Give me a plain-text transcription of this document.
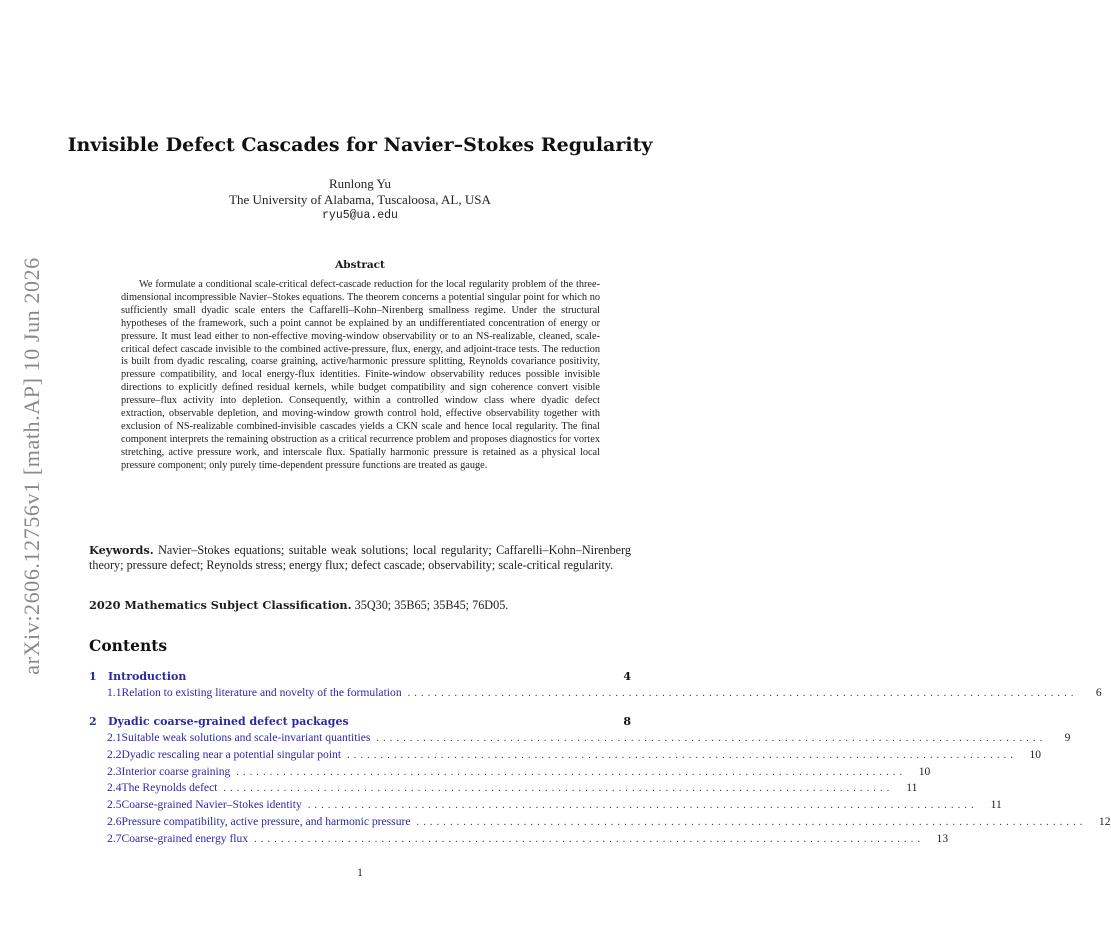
arXiv:2606.12756v1 [math.AP] 10 Jun 2026
Invisible Defect Cascades for Navier–Stokes Regularity
Runlong Yu
The University of Alabama, Tuscaloosa, AL, USA
ryu5@ua.edu
Abstract

We formulate a conditional scale-critical defect-cascade reduction for the local regularity problem of the three-dimensional incompressible Navier–Stokes equations. The theorem concerns a potential singular point for which no sufficiently small dyadic scale enters the Caffarelli–Kohn–Nirenberg smallness regime. Under the structural hypotheses of the framework, such a point cannot be explained by an undifferentiated concentration of energy or pressure. It must lead either to non-effective moving-window observability or to an NS-realizable, cleaned, scale-critical defect cascade invisible to the combined active-pressure, flux, energy, and adjoint-trace tests. The reduction is built from dyadic rescaling, coarse graining, active/harmonic pressure splitting, Reynolds covariance positivity, pressure compatibility, and local energy-flux identities. Finite-window observability reduces possible invisible directions to explicitly defined residual kernels, while budget compatibility and sign coherence convert visible pressure–flux activity into depletion. Consequently, within a controlled window class where dyadic defect extraction, observable depletion, and moving-window growth control hold, effective observability together with exclusion of NS-realizable combined-invisible cascades yields a CKN scale and hence local regularity. The final component interprets the remaining obstruction as a critical recurrence problem and proposes diagnostics for vortex stretching, active pressure work, and interscale flux. Spatially harmonic pressure is retained as a physical local pressure component; only purely time-dependent pressure functions are treated as gauge.

Keywords. Navier–Stokes equations; suitable weak solutions; local regularity; Caffarelli–Kohn–Nirenberg theory; pressure defect; Reynolds stress; energy flux; defect cascade; observability; scale-critical regularity.

2020 Mathematics Subject Classification. 35Q30; 35B65; 35B45; 76D05.

Contents
1	Introduction	4
1.1 Relation to existing literature and novelty of the formulation ....................................................................................................	6
2	Dyadic coarse-grained defect packages	8
2.1 Suitable weak solutions and scale-invariant quantities ....................................................................................................	9
2.2 Dyadic rescaling near a potential singular point ....................................................................................................	10
2.3 Interior coarse graining ....................................................................................................	10
2.4 The Reynolds defect ....................................................................................................	11
2.5 Coarse-grained Navier–Stokes identity ....................................................................................................	11
2.6 Pressure compatibility, active pressure, and harmonic pressure ....................................................................................................	12
2.7 Coarse-grained energy flux ....................................................................................................	13
1
